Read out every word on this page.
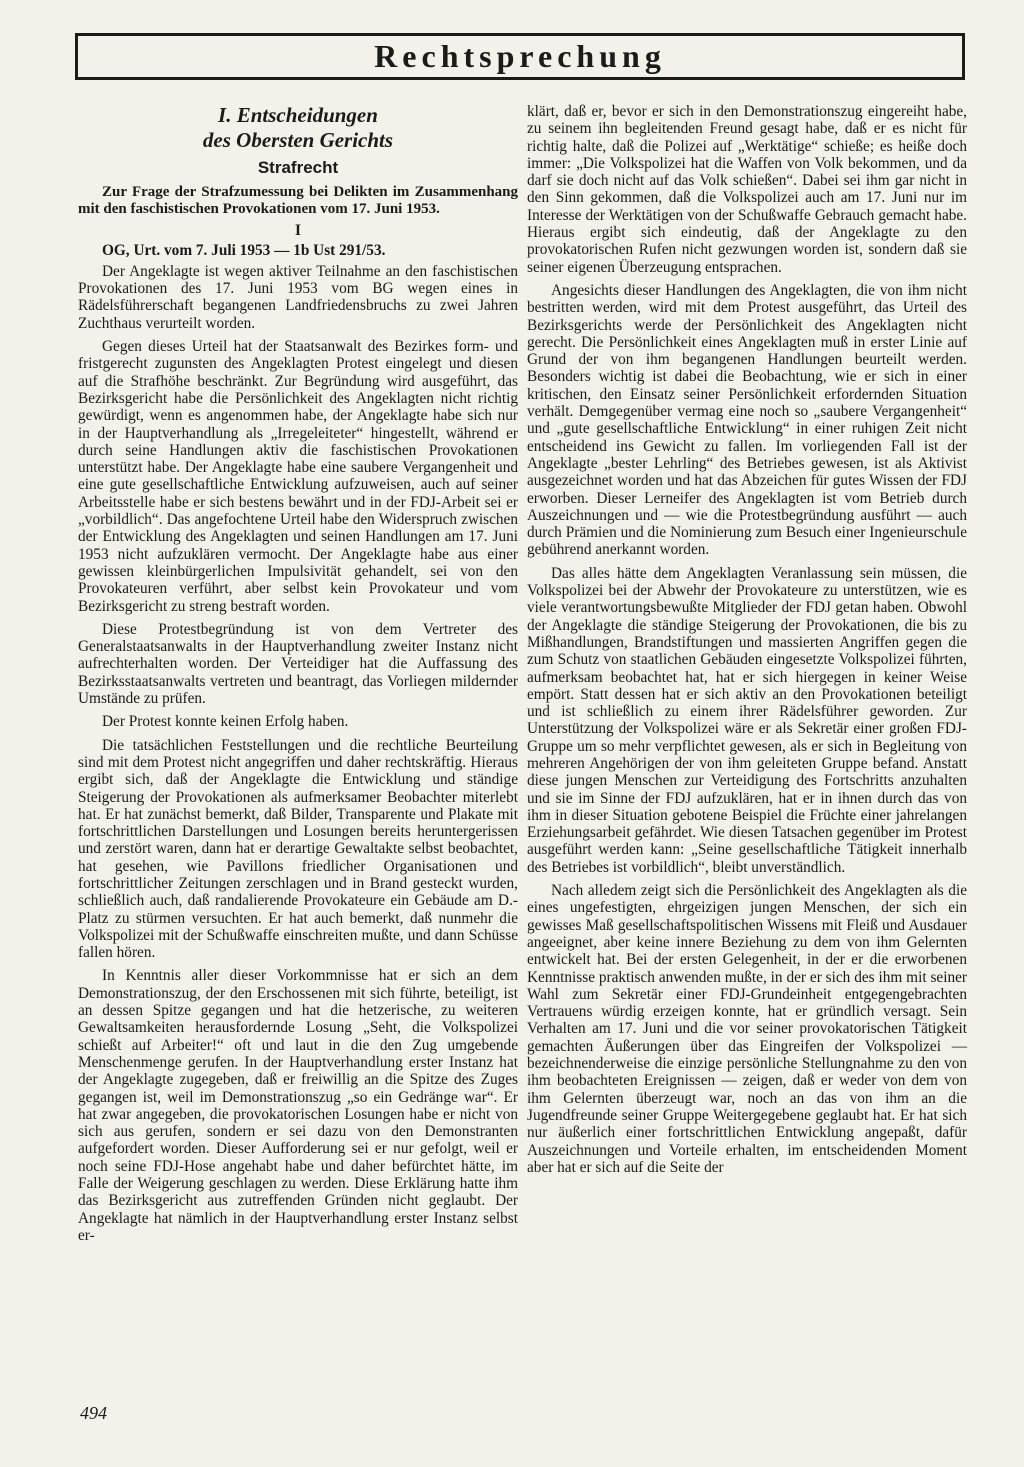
Rechtsprechung
I. Entscheidungen
des Obersten Gerichts
Strafrecht
Zur Frage der Strafzumessung bei Delikten im Zusammenhang mit den faschistischen Provokationen vom 17. Juni 1953.
I
OG, Urt. vom 7. Juli 1953 — 1b Ust 291/53.

Der Angeklagte ist wegen aktiver Teilnahme an den faschistischen Provokationen des 17. Juni 1953 vom BG wegen eines in Rädelsführerschaft begangenen Landfriedensbruchs zu zwei Jahren Zuchthaus verurteilt worden.

Gegen dieses Urteil hat der Staatsanwalt des Bezirkes form- und fristgerecht zugunsten des Angeklagten Protest eingelegt und diesen auf die Strafhöhe beschränkt. Zur Begründung wird ausgeführt, das Bezirksgericht habe die Persönlichkeit des Angeklagten nicht richtig gewürdigt, wenn es angenommen habe, der Angeklagte habe sich nur in der Hauptverhandlung als „Irregeleiteter“ hingestellt, während er durch seine Handlungen aktiv die faschistischen Provokationen unterstützt habe. Der Angeklagte habe eine saubere Vergangenheit und eine gute gesellschaftliche Entwicklung aufzuweisen, auch auf seiner Arbeitsstelle habe er sich bestens bewährt und in der FDJ-Arbeit sei er „vorbildlich“. Das angefochtene Urteil habe den Widerspruch zwischen der Entwicklung des Angeklagten und seinen Handlungen am 17. Juni 1953 nicht aufzuklären vermocht. Der Angeklagte habe aus einer gewissen kleinbürgerlichen Impulsivität gehandelt, sei von den Provokateuren verführt, aber selbst kein Provokateur und vom Bezirksgericht zu streng bestraft worden.

Diese Protestbegründung ist von dem Vertreter des Generalstaatsanwalts in der Hauptverhandlung zweiter Instanz nicht aufrechterhalten worden. Der Verteidiger hat die Auffassung des Bezirksstaatsanwalts vertreten und beantragt, das Vorliegen mildernder Umstände zu prüfen.

Der Protest konnte keinen Erfolg haben.

Die tatsächlichen Feststellungen und die rechtliche Beurteilung sind mit dem Protest nicht angegriffen und daher rechtskräftig. Hieraus ergibt sich, daß der Angeklagte die Entwicklung und ständige Steigerung der Provokationen als aufmerksamer Beobachter miterlebt hat. Er hat zunächst bemerkt, daß Bilder, Transparente und Plakate mit fortschrittlichen Darstellungen und Losungen bereits heruntergerissen und zerstört waren, dann hat er derartige Gewaltakte selbst beobachtet, hat gesehen, wie Pavillons friedlicher Organisationen und fortschrittlicher Zeitungen zerschlagen und in Brand gesteckt wurden, schließlich auch, daß randalierende Provokateure ein Gebäude am D.-Platz zu stürmen versuchten. Er hat auch bemerkt, daß nunmehr die Volkspolizei mit der Schußwaffe einschreiten mußte, und dann Schüsse fallen hören.

In Kenntnis aller dieser Vorkommnisse hat er sich an dem Demonstrationszug, der den Erschossenen mit sich führte, beteiligt, ist an dessen Spitze gegangen und hat die hetzerische, zu weiteren Gewaltsamkeiten herausfordernde Losung „Seht, die Volkspolizei schießt auf Arbeiter!“ oft und laut in die den Zug umgebende Menschenmenge gerufen. In der Hauptverhandlung erster Instanz hat der Angeklagte zugegeben, daß er freiwillig an die Spitze des Zuges gegangen ist, weil im Demonstrationszug „so ein Gedränge war“. Er hat zwar angegeben, die provokatorischen Losungen habe er nicht von sich aus gerufen, sondern er sei dazu von den Demonstranten aufgefordert worden. Dieser Aufforderung sei er nur gefolgt, weil er noch seine FDJ-Hose angehabt habe und daher befürchtet hätte, im Falle der Weigerung geschlagen zu werden. Diese Erklärung hatte ihm das Bezirksgericht aus zutreffenden Gründen nicht geglaubt. Der Angeklagte hat nämlich in der Hauptverhandlung erster Instanz selbst er-

klärt, daß er, bevor er sich in den Demonstrationszug eingereiht habe, zu seinem ihn begleitenden Freund gesagt habe, daß er es nicht für richtig halte, daß die Polizei auf „Werktätige“ schieße; es heiße doch immer: „Die Volkspolizei hat die Waffen von Volk bekommen, und da darf sie doch nicht auf das Volk schießen“. Dabei sei ihm gar nicht in den Sinn gekommen, daß die Volkspolizei auch am 17. Juni nur im Interesse der Werktätigen von der Schußwaffe Gebrauch gemacht habe. Hieraus ergibt sich eindeutig, daß der Angeklagte zu den provokatorischen Rufen nicht gezwungen worden ist, sondern daß sie seiner eigenen Überzeugung entsprachen.

Angesichts dieser Handlungen des Angeklagten, die von ihm nicht bestritten werden, wird mit dem Protest ausgeführt, das Urteil des Bezirksgerichts werde der Persönlichkeit des Angeklagten nicht gerecht. Die Persönlichkeit eines Angeklagten muß in erster Linie auf Grund der von ihm begangenen Handlungen beurteilt werden. Besonders wichtig ist dabei die Beobachtung, wie er sich in einer kritischen, den Einsatz seiner Persönlichkeit erfordernden Situation verhält. Demgegenüber vermag eine noch so „saubere Vergangenheit“ und „gute gesellschaftliche Entwicklung“ in einer ruhigen Zeit nicht entscheidend ins Gewicht zu fallen. Im vorliegenden Fall ist der Angeklagte „bester Lehrling“ des Betriebes gewesen, ist als Aktivist ausgezeichnet worden und hat das Abzeichen für gutes Wissen der FDJ erworben. Dieser Lerneifer des Angeklagten ist vom Betrieb durch Auszeichnungen und — wie die Protestbegründung ausführt — auch durch Prämien und die Nominierung zum Besuch einer Ingenieurschule gebührend anerkannt worden.

Das alles hätte dem Angeklagten Veranlassung sein müssen, die Volkspolizei bei der Abwehr der Provokateure zu unterstützen, wie es viele verantwortungsbewußte Mitglieder der FDJ getan haben. Obwohl der Angeklagte die ständige Steigerung der Provokationen, die bis zu Mißhandlungen, Brandstiftungen und massierten Angriffen gegen die zum Schutz von staatlichen Gebäuden eingesetzte Volkspolizei führten, aufmerksam beobachtet hat, hat er sich hiergegen in keiner Weise empört. Statt dessen hat er sich aktiv an den Provokationen beteiligt und ist schließlich zu einem ihrer Rädelsführer geworden. Zur Unterstützung der Volkspolizei wäre er als Sekretär einer großen FDJ-Gruppe um so mehr verpflichtet gewesen, als er sich in Begleitung von mehreren Angehörigen der von ihm geleiteten Gruppe befand. Anstatt diese jungen Menschen zur Verteidigung des Fortschritts anzuhalten und sie im Sinne der FDJ aufzuklären, hat er in ihnen durch das von ihm in dieser Situation gebotene Beispiel die Früchte einer jahrelangen Erziehungsarbeit gefährdet. Wie diesen Tatsachen gegenüber im Protest ausgeführt werden kann: „Seine gesellschaftliche Tätigkeit innerhalb des Betriebes ist vorbildlich“, bleibt unverständlich.

Nach alledem zeigt sich die Persönlichkeit des Angeklagten als die eines ungefestigten, ehrgeizigen jungen Menschen, der sich ein gewisses Maß gesellschaftspolitischen Wissens mit Fleiß und Ausdauer angeeignet, aber keine innere Beziehung zu dem von ihm Gelernten entwickelt hat. Bei der ersten Gelegenheit, in der er die erworbenen Kenntnisse praktisch anwenden mußte, in der er sich des ihm mit seiner Wahl zum Sekretär einer FDJ-Grundeinheit entgegengebrachten Vertrauens würdig erzeigen konnte, hat er gründlich versagt. Sein Verhalten am 17. Juni und die vor seiner provokatorischen Tätigkeit gemachten Äußerungen über das Eingreifen der Volkspolizei — bezeichnenderweise die einzige persönliche Stellungnahme zu den von ihm beobachteten Ereignissen — zeigen, daß er weder von dem von ihm Gelernten überzeugt war, noch an das von ihm an die Jugendfreunde seiner Gruppe Weitergegebene geglaubt hat. Er hat sich nur äußerlich einer fortschrittlichen Entwicklung angepaßt, dafür Auszeichnungen und Vorteile erhalten, im entscheidenden Moment aber hat er sich auf die Seite der

494
